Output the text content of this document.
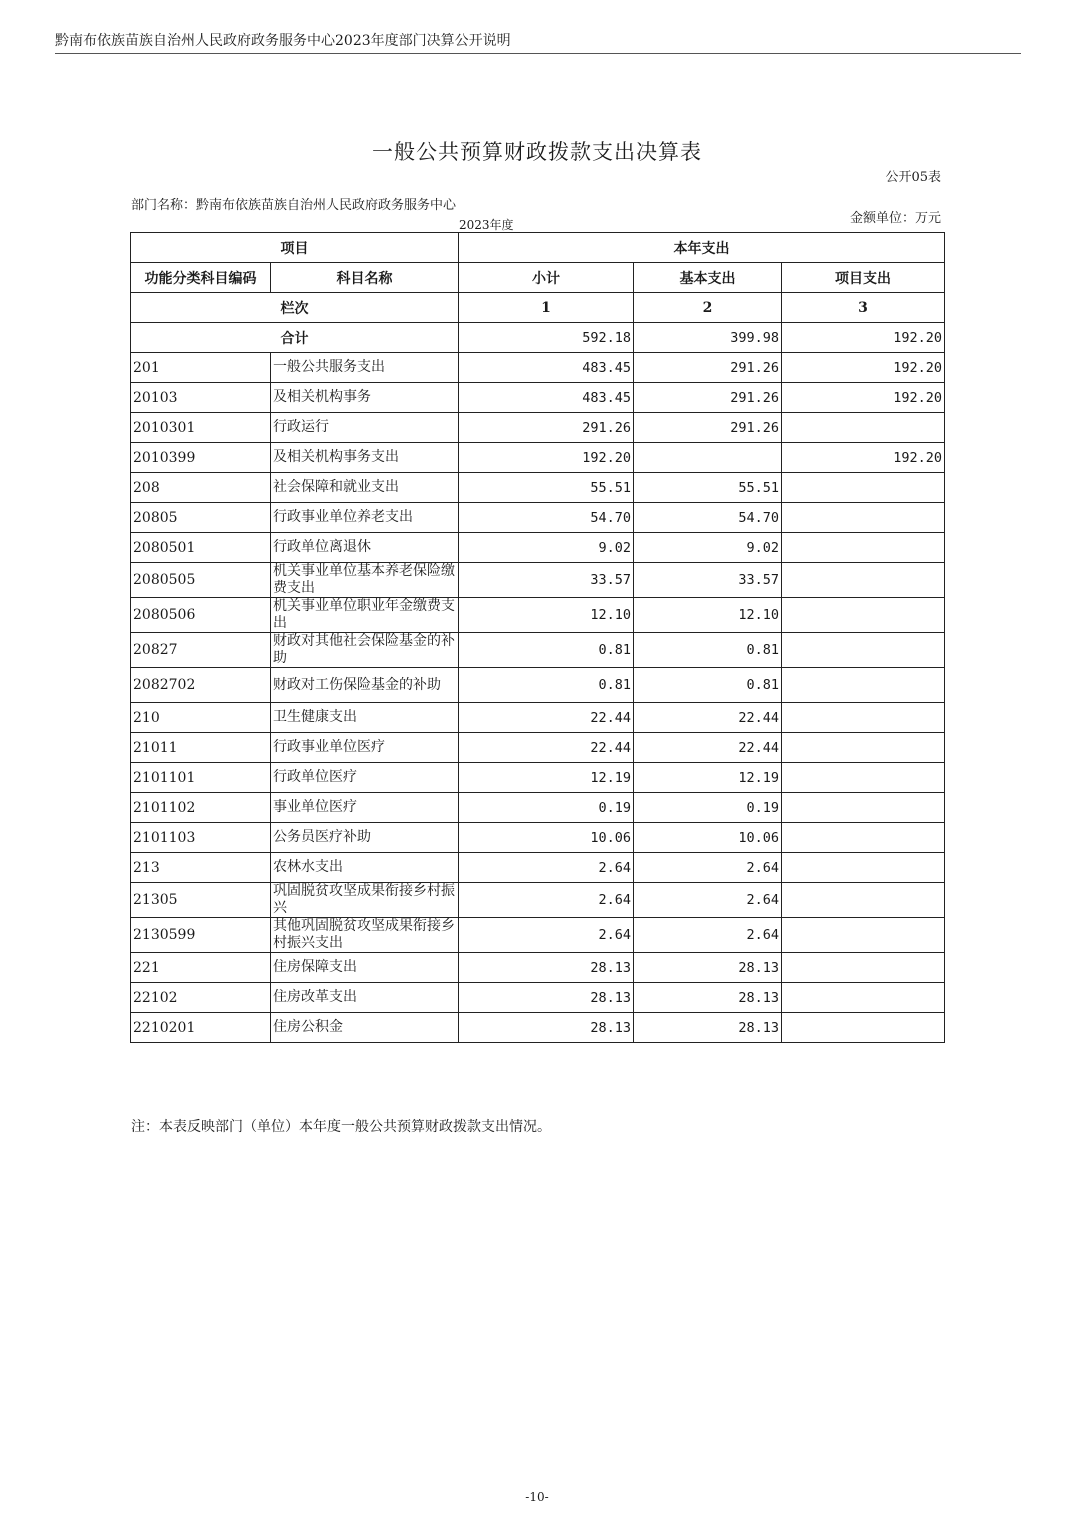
黔南布依族苗族自治州人民政府政务服务中心2023年度部门决算公开说明
一般公共预算财政拨款支出决算表
公开05表
部门名称：黔南布依族苗族自治州人民政府政务服务中心
2023年度	金额单位：万元
项目		本年支出		
功能分类科目编码	科目名称	小计	基本支出	项目支出
栏次		1	2	3
合计		592.18	399.98	192.20
201	一般公共服务支出	483.45	291.26	192.20
20103	及相关机构事务	483.45	291.26	192.20
2010301	行政运行	291.26	291.26	
2010399	及相关机构事务支出	192.20		192.20
208	社会保障和就业支出	55.51	55.51	
20805	行政事业单位养老支出	54.70	54.70	
2080501	行政单位离退休	9.02	9.02	
2080505	机关事业单位基本养老保险缴费支出	33.57	33.57	
2080506	机关事业单位职业年金缴费支出	12.10	12.10	
20827	财政对其他社会保险基金的补助	0.81	0.81	
2082702	财政对工伤保险基金的补助	0.81	0.81	
210	卫生健康支出	22.44	22.44	
21011	行政事业单位医疗	22.44	22.44	
2101101	行政单位医疗	12.19	12.19	
2101102	事业单位医疗	0.19	0.19	
2101103	公务员医疗补助	10.06	10.06	
213	农林水支出	2.64	2.64	
21305	巩固脱贫攻坚成果衔接乡村振兴	2.64	2.64	
2130599	其他巩固脱贫攻坚成果衔接乡村振兴支出	2.64	2.64	
221	住房保障支出	28.13	28.13	
22102	住房改革支出	28.13	28.13	
2210201	住房公积金	28.13	28.13	
注：本表反映部门（单位）本年度一般公共预算财政拨款支出情况。
-10-
